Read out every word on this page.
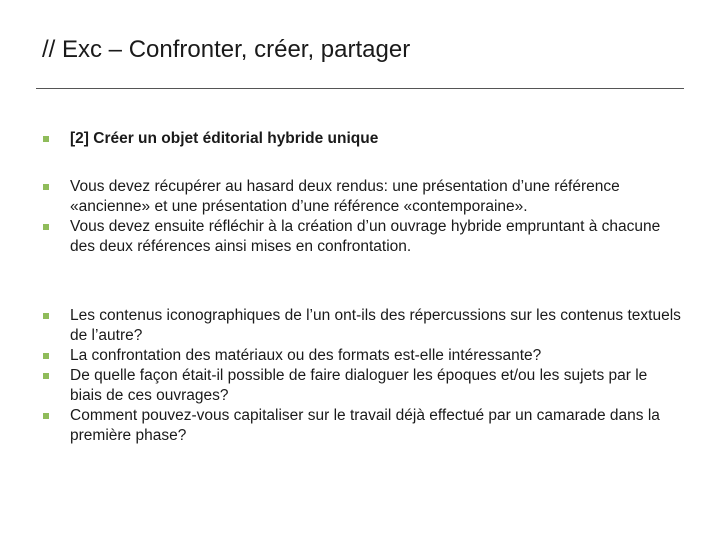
// Exc – Confronter, créer, partager
[2] Créer un objet éditorial hybride unique
Vous devez récupérer au hasard deux rendus: une présentation d’une référence «ancienne» et une présentation d’une référence «contemporaine».
Vous devez ensuite réfléchir à la création d’un ouvrage hybride empruntant à chacune des deux références ainsi mises en confrontation.
Les contenus iconographiques de l’un ont-ils des répercussions sur les contenus textuels de l’autre?
La confrontation des matériaux ou des formats est-elle intéressante?
De quelle façon était-il possible de faire dialoguer les époques et/ou les sujets par le biais de ces ouvrages?
Comment pouvez-vous capitaliser sur le travail déjà effectué par un camarade dans la première phase?
